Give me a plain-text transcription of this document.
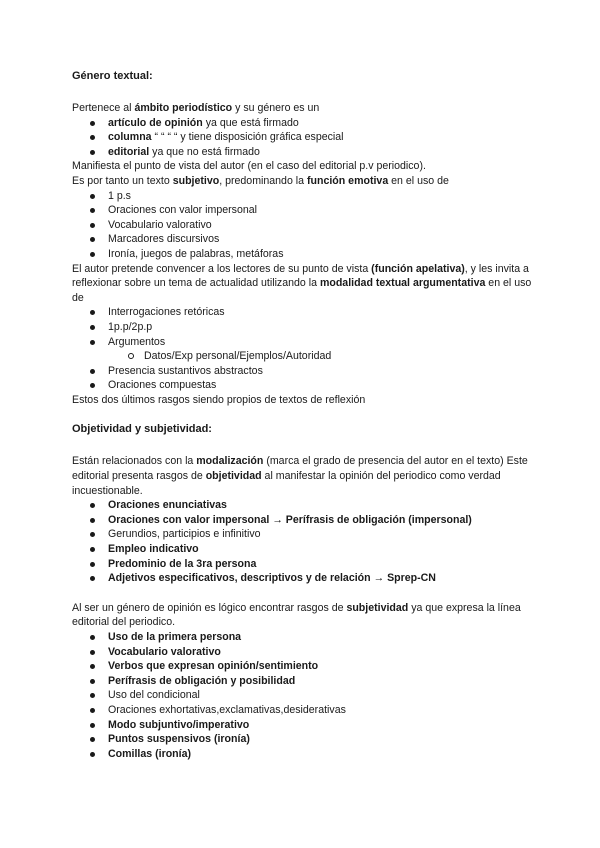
Género textual:

Pertenece al ámbito periodístico y su género es un

artículo de opinión ya que está firmado
columna “ “ “ “ y tiene disposición gráfica especial
editorial ya que no está firmado

Manifiesta el punto de vista del autor (en el caso del editorial p.v periodico).

Es por tanto un texto subjetivo, predominando la función emotiva en el uso de

1 p.s
Oraciones con valor impersonal
Vocabulario valorativo
Marcadores discursivos
Ironía, juegos de palabras, metáforas

El autor pretende convencer a los lectores de su punto de vista (función apelativa), y les invita a reflexionar sobre un tema de actualidad utilizando la modalidad textual argumentativa en el uso de

Interrogaciones retóricas
1p.p/2p.p
Argumentos
Datos/Exp personal/Ejemplos/Autoridad
Presencia sustantivos abstractos
Oraciones compuestas

Estos dos últimos rasgos siendo propios de textos de reflexión

Objetividad y subjetividad:

Están relacionados con la modalización (marca el grado de presencia del autor en el texto) Este editorial presenta rasgos de objetividad al manifestar la opinión del periodico como verdad incuestionable.

Oraciones enunciativas
Oraciones con valor impersonal → Perífrasis de obligación (impersonal)
Gerundios, participios e infinitivo
Empleo indicativo
Predominio de la 3ra persona
Adjetivos especificativos, descriptivos y de relación → Sprep-CN

Al ser un género de opinión es lógico encontrar rasgos de subjetividad ya que expresa la línea editorial del periodico.

Uso de la primera persona
Vocabulario valorativo
Verbos que expresan opinión/sentimiento
Perífrasis de obligación y posibilidad
Uso del condicional
Oraciones exhortativas,exclamativas,desiderativas
Modo subjuntivo/imperativo
Puntos suspensivos (ironía)
Comillas (ironía)
